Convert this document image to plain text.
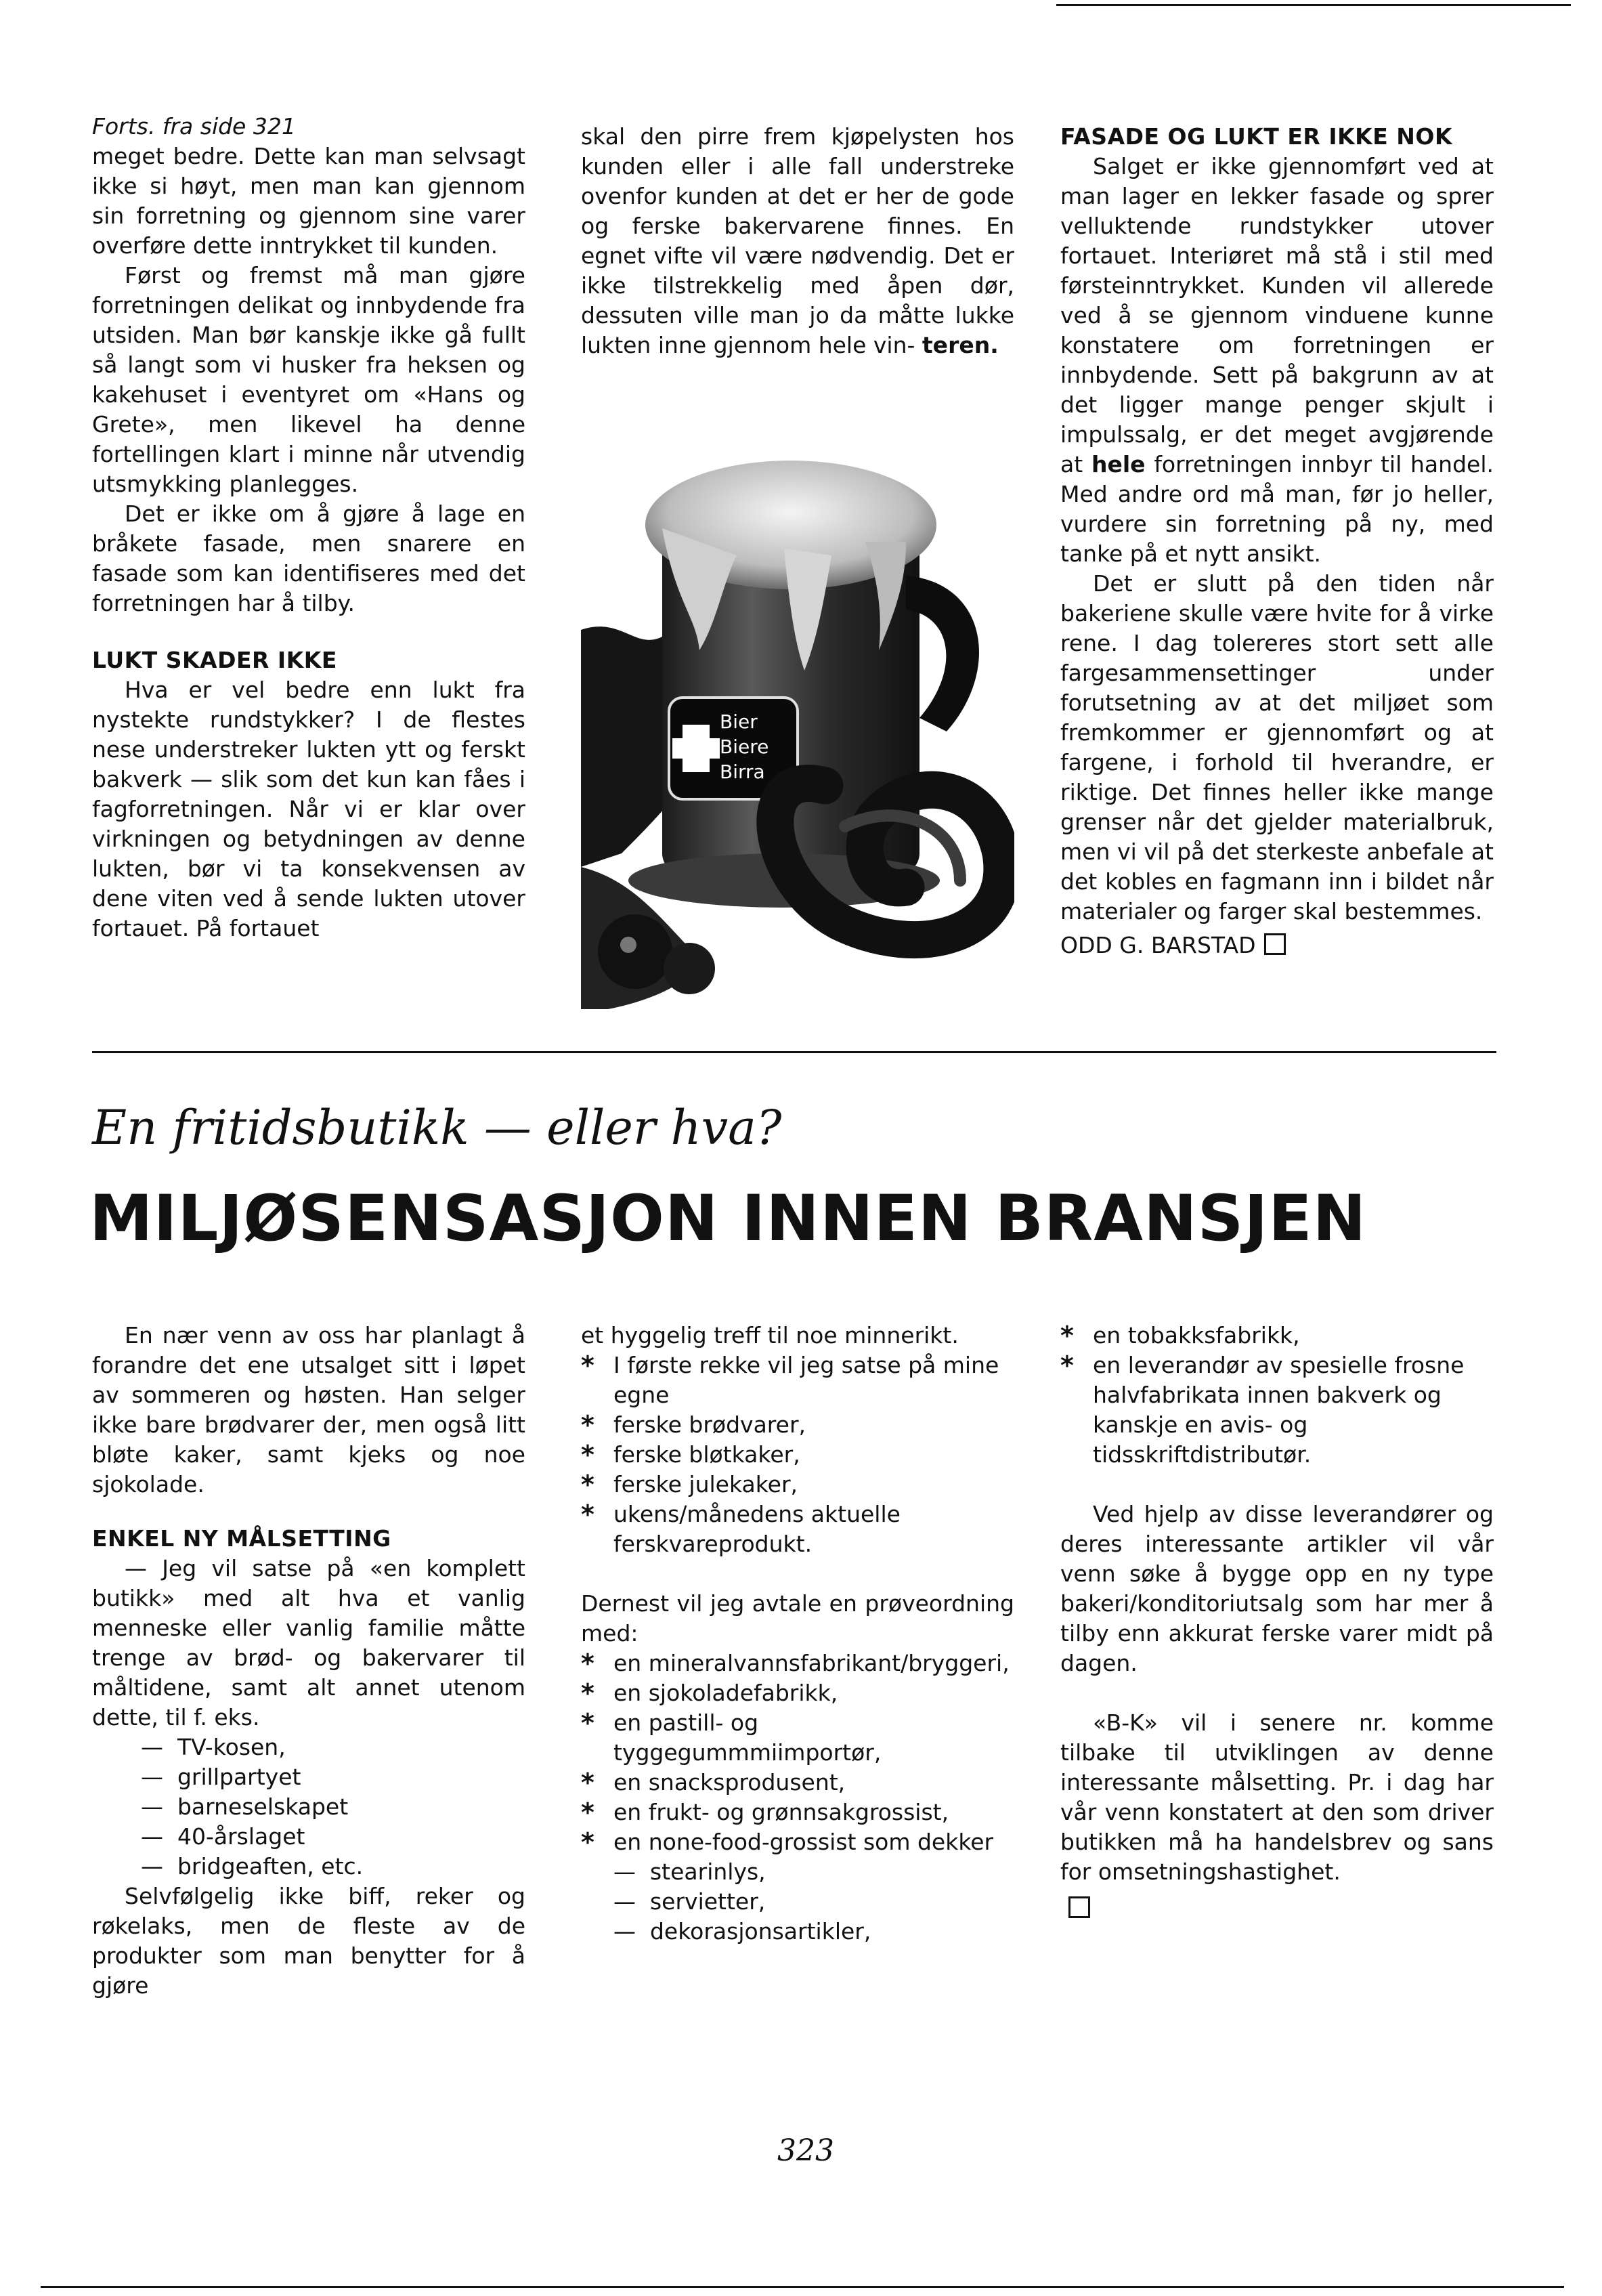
Forts. fra side 321

meget bedre. Dette kan man selvsagt ikke si høyt, men man kan gjennom sin forretning og gjennom sine varer overføre dette inntrykket til kunden.

Først og fremst må man gjøre forretningen delikat og innbydende fra utsiden. Man bør kanskje ikke gå fullt så langt som vi husker fra heksen og kakehuset i eventyret om «Hans og Grete», men likevel ha denne fortellingen klart i minne når utvendig utsmykking planlegges.

Det er ikke om å gjøre å lage en bråkete fasade, men snarere en fasade som kan identifiseres med det forretningen har å tilby.

LUKT SKADER IKKE

Hva er vel bedre enn lukt fra nystekte rundstykker? I de flestes nese understreker lukten ytt og ferskt bakverk — slik som det kun kan fåes i fagforretningen. Når vi er klar over virkningen og betydningen av denne lukten, bør vi ta konsekvensen av dene viten ved å sende lukten utover fortauet. På fortauet

skal den pirre frem kjøpelysten hos kunden eller i alle fall understreke ovenfor kunden at det er her de gode og ferske bakervarene finnes. En egnet vifte vil være nødvendig. Det er ikke tilstrekkelig med åpen dør, dessuten ville man jo da måtte lukke lukten inne gjennom hele vin- teren.

Bier
Biere
Birra
FASADE OG LUKT ER IKKE NOK

Salget er ikke gjennomført ved at man lager en lekker fasade og sprer velluktende rundstykker utover fortauet. Interiøret må stå i stil med førsteinntrykket. Kunden vil allerede ved å se gjennom vinduene kunne konstatere om forretningen er innbydende. Sett på bakgrunn av at det ligger mange penger skjult i impulssalg, er det meget avgjørende at hele forretningen innbyr til handel. Med andre ord må man, før jo heller, vurdere sin forretning på ny, med tanke på et nytt ansikt.

Det er slutt på den tiden når bakeriene skulle være hvite for å virke rene. I dag tolereres stort sett alle fargesammensettinger under forutsetning av at det miljøet som fremkommer er gjennomført og at fargene, i forhold til hverandre, er riktige. Det finnes heller ikke mange grenser når det gjelder materialbruk, men vi vil på det sterkeste anbefale at det kobles en fagmann inn i bildet når materialer og farger skal bestemmes.

ODD G. BARSTAD

En fritidsbutikk — eller hva?
MILJØSENSASJON INNEN BRANSJEN

En nær venn av oss har planlagt å forandre det ene utsalget sitt i løpet av sommeren og høsten. Han selger ikke bare brødvarer der, men også litt bløte kaker, samt kjeks og noe sjokolade.

ENKEL NY MÅLSETTING

— Jeg vil satse på «en komplett butikk» med alt hva et vanlig menneske eller vanlig familie måtte trenge av brød- og bakervarer til måltidene, samt alt annet utenom dette, til f. eks.

— TV-kosen,

— grillpartyet

— barneselskapet

— 40-årslaget

— bridgeaften, etc.

Selvfølgelig ikke biff, reker og røkelaks, men de fleste av de produkter som man benytter for å gjøre

et hyggelig treff til noe minnerikt.

* I første rekke vil jeg satse på mine egne
* ferske brødvarer,
* ferske bløtkaker,
* ferske julekaker,
* ukens/månedens aktuelle ferskvareprodukt.

Dernest vil jeg avtale en prøveordning med:

* en mineralvannsfabrikant/bryggeri,
* en sjokoladefabrikk,
* en pastill- og tyggegummmiimportør,
* en snacksprodusent,
* en frukt- og grønnsakgrossist,
* en none-food-grossist som dekker

— stearinlys,

— servietter,

— dekorasjonsartikler,

* en tobakksfabrikk,
* en leverandør av spesielle frosne halvfabrikata innen bakverk og kanskje en avis- og tidsskriftdistributør.

Ved hjelp av disse leverandører og deres interessante artikler vil vår venn søke å bygge opp en ny type bakeri/konditoriutsalg som har mer å tilby enn akkurat ferske varer midt på dagen.

«B-K» vil i senere nr. komme tilbake til utviklingen av denne interessante målsetting. Pr. i dag har vår venn konstatert at den som driver butikken må ha handelsbrev og sans for omsetningshastighet.

323
